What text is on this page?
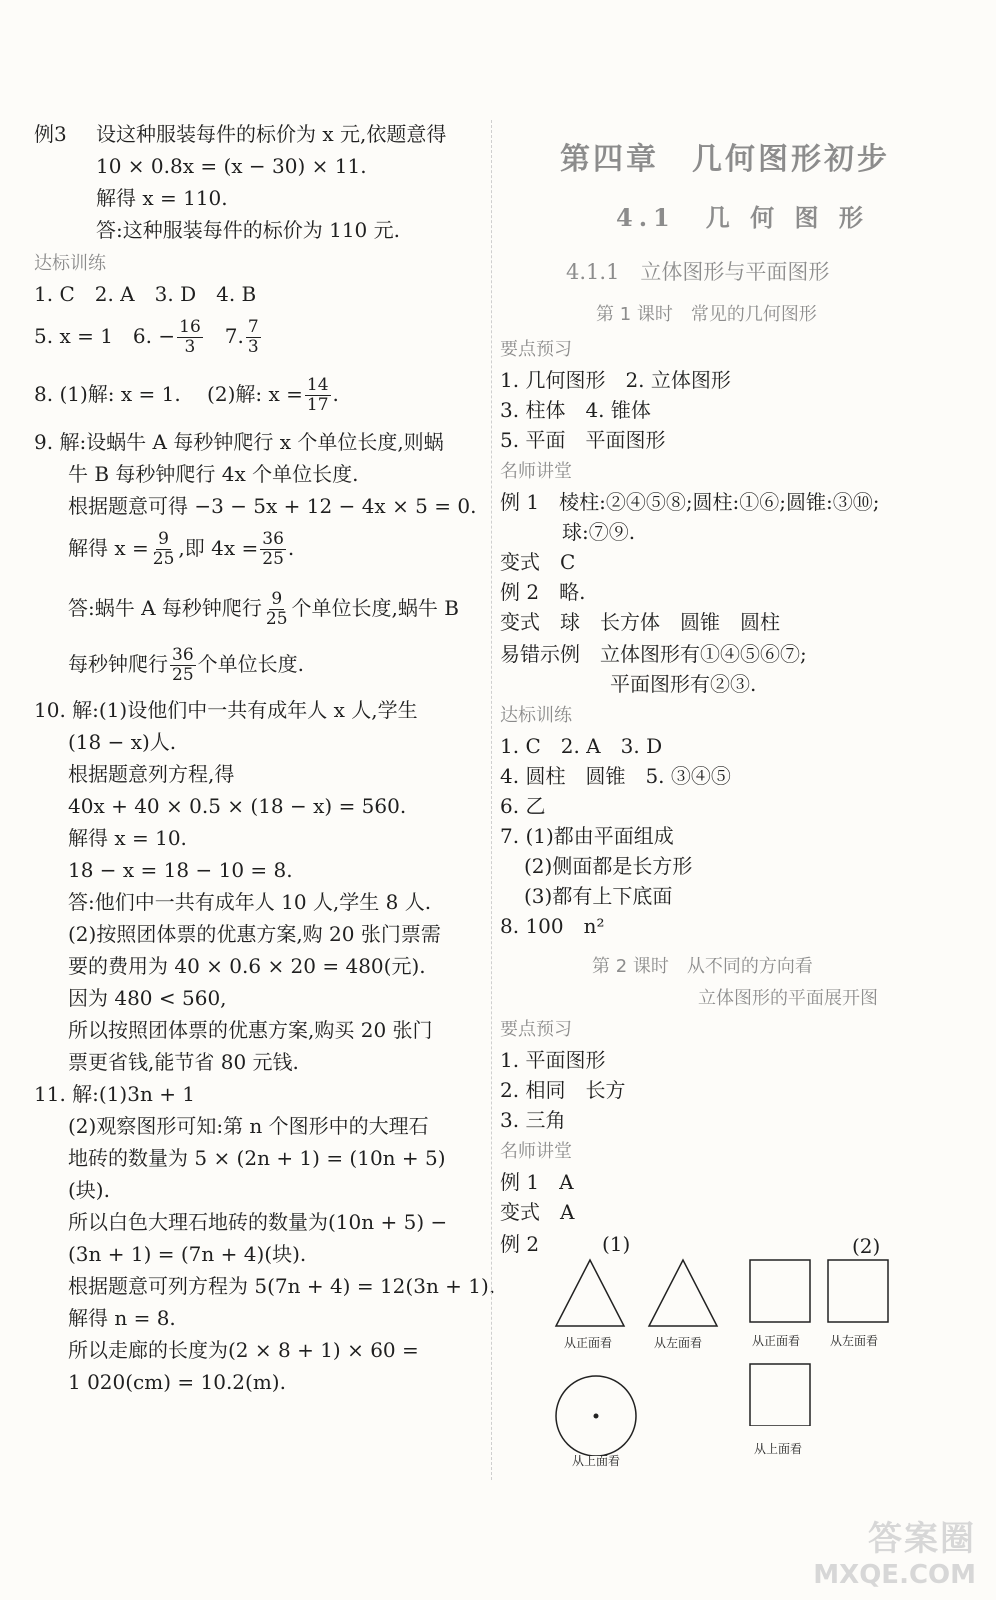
例3 设这种服装每件的标价为 x 元,依题意得
10 × 0.8x = (x − 30) × 11.
解得 x = 110.
答:这种服装每件的标价为 110 元.
达标训练
1. C　2. A　3. D　4. B
5. x = 1　6. − $\frac{16}{3}$ 　7. $\frac{7}{3}$
8. (1)解: x = 1.　 (2)解: $x = \frac{14}{17}$ .
9. 解:设蜗牛 A 每秒钟爬行 x 个单位长度,则蜗
牛 B 每秒钟爬行 4x 个单位长度.
根据题意可得 −3 − 5x + 12 − 4x × 5 = 0.
解得 $x = \frac{9}{25}$ ,即 $4x = \frac{36}{25}$ .
答:蜗牛 A 每秒钟爬行 $\frac{9}{25}$ 个单位长度,蜗牛 B
每秒钟爬行 $\frac{36}{25}$ 个单位长度.
10. 解:(1)设他们中一共有成年人 x 人,学生
(18 − x)人.
根据题意列方程,得
40x + 40 × 0.5 × (18 − x) = 560.
解得 x = 10.
18 − x = 18 − 10 = 8.
答:他们中一共有成年人 10 人,学生 8 人.
(2)按照团体票的优惠方案,购 20 张门票需
要的费用为 40 × 0.6 × 20 = 480(元).
因为 480 < 560,
所以按照团体票的优惠方案,购买 20 张门
票更省钱,能节省 80 元钱.
11. 解:(1)3n + 1
(2)观察图形可知:第 n 个图形中的大理石
地砖的数量为 5 × (2n + 1) = (10n + 5)
(块).
所以白色大理石地砖的数量为(10n + 5) −
(3n + 1) = (7n + 4)(块).
根据题意可列方程为 5(7n + 4) = 12(3n + 1).
解得 n = 8.
所以走廊的长度为(2 × 8 + 1) × 60 =
1 020(cm) = 10.2(m).
第四章　几何图形初步
4.1　几 何 图 形
4.1.1　立体图形与平面图形
第 1 课时　常见的几何图形
要点预习
1. 几何图形　2. 立体图形
3. 柱体　4. 锥体
5. 平面　平面图形
名师讲堂
例 1　棱柱:②④⑤⑧;圆柱:①⑥;圆锥:③⑩;
球:⑦⑨.
变式　C
例 2　略.
变式　球　长方体　圆锥　圆柱
易错示例　立体图形有①④⑤⑥⑦;
平面图形有②③.
达标训练
1. C　2. A　3. D
4. 圆柱　圆锥　5. ③④⑤
6. 乙
7. (1)都由平面组成
(2)侧面都是长方形
(3)都有上下底面
8. 100　n²
第 2 课时　从不同的方向看
立体图形的平面展开图
要点预习
1. 平面图形
2. 相同　长方
3. 三角
名师讲堂
例 1　A
变式　A
例 2	(1)	(2)
从正面看	从左面看
从上面看
从正面看 从左面看
从上面看
答案圈
MXQE.COM
